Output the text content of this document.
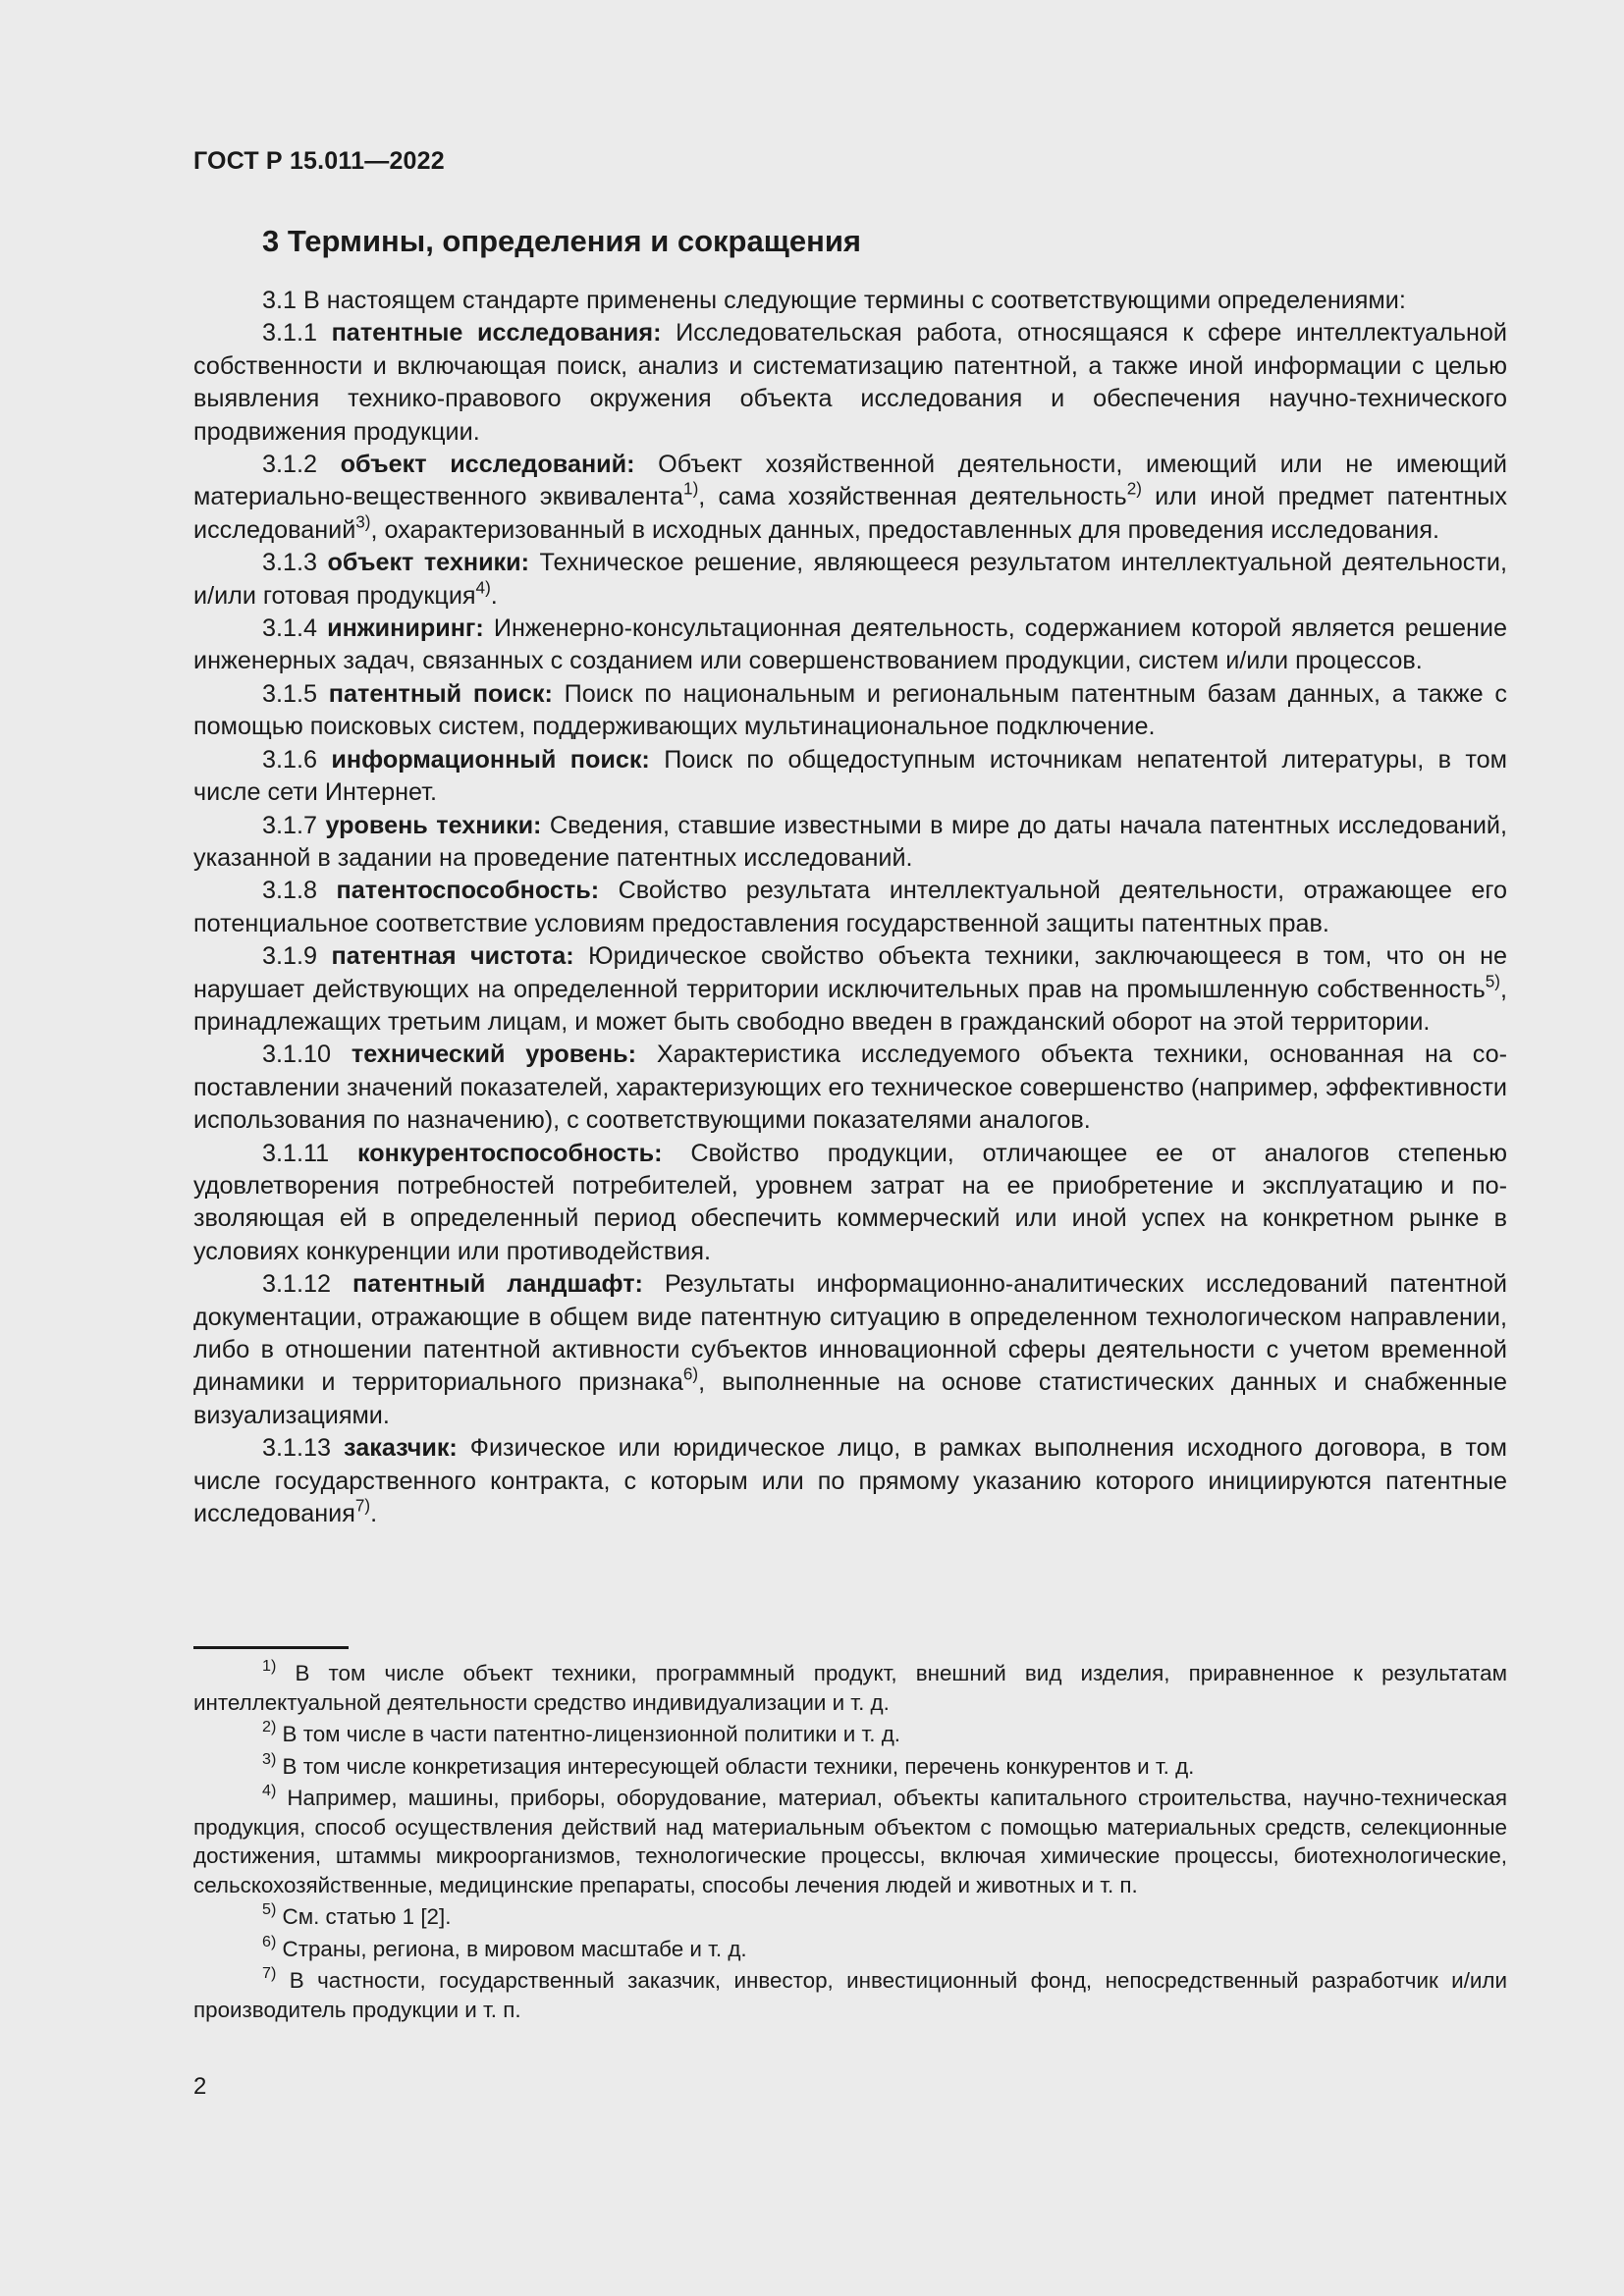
ГОСТ Р 15.011—2022
3 Термины, определения и сокращения

3.1 В настоящем стандарте применены следующие термины с соответствующими определениями:

3.1.1 патентные исследования: Исследовательская работа, относящаяся к сфере интеллектуальной собственности и включающая поиск, анализ и систематизацию патентной, а также иной информации с целью выявления технико-правового окружения объекта исследования и обеспечения научно-технического продвижения продукции.

3.1.2 объект исследований: Объект хозяйственной деятельности, имеющий или не имеющий материально-вещественного эквивалента$^{1)}$, сама хозяйственная деятельность$^{2)}$ или иной предмет патентных исследований$^{3)}$, охарактеризованный в исходных данных, предоставленных для проведения исследования.

3.1.3 объект техники: Техническое решение, являющееся результатом интеллектуальной деятельности, и/или готовая продукция$^{4)}$.

3.1.4 инжиниринг: Инженерно-консультационная деятельность, содержанием которой является решение инженерных задач, связанных с созданием или совершенствованием продукции, систем и/или процессов.

3.1.5 патентный поиск: Поиск по национальным и региональным патентным базам данных, а также с помощью поисковых систем, поддерживающих мультинациональное подключение.

3.1.6 информационный поиск: Поиск по общедоступным источникам непатентой литературы, в том числе сети Интернет.

3.1.7 уровень техники: Сведения, ставшие известными в мире до даты начала патентных исследований, указанной в задании на проведение патентных исследований.

3.1.8 патентоспособность: Свойство результата интеллектуальной деятельности, отражающее его потенциальное соответствие условиям предоставления государственной защиты патентных прав.

3.1.9 патентная чистота: Юридическое свойство объекта техники, заключающееся в том, что он не нарушает действующих на определенной территории исключительных прав на промышленную собственность$^{5)}$, принадлежащих третьим лицам, и может быть свободно введен в гражданский оборот на этой территории.

3.1.10 технический уровень: Характеристика исследуемого объекта техники, основанная на сопоставлении значений показателей, характеризующих его техническое совершенство (например, эффективности использования по назначению), с соответствующими показателями аналогов.

3.1.11 конкурентоспособность: Свойство продукции, отличающее ее от аналогов степенью удовлетворения потребностей потребителей, уровнем затрат на ее приобретение и эксплуатацию и позволяющая ей в определенный период обеспечить коммерческий или иной успех на конкретном рынке в условиях конкуренции или противодействия.

3.1.12 патентный ландшафт: Результаты информационно-аналитических исследований патентной документации, отражающие в общем виде патентную ситуацию в определенном технологическом направлении, либо в отношении патентной активности субъектов инновационной сферы деятельности с учетом временной динамики и территориального признака$^{6)}$, выполненные на основе статистических данных и снабженные визуализациями.

3.1.13 заказчик: Физическое или юридическое лицо, в рамках выполнения исходного договора, в том числе государственного контракта, с которым или по прямому указанию которого инициируются патентные исследования$^{7)}$.

$^{1)}$ В том числе объект техники, программный продукт, внешний вид изделия, приравненное к результатам интеллектуальной деятельности средство индивидуализации и т. д.

$^{2)}$ В том числе в части патентно-лицензионной политики и т. д.

$^{3)}$ В том числе конкретизация интересующей области техники, перечень конкурентов и т. д.

$^{4)}$ Например, машины, приборы, оборудование, материал, объекты капитального строительства, научно-техническая продукция, способ осуществления действий над материальным объектом с помощью материальных средств, селекционные достижения, штаммы микроорганизмов, технологические процессы, включая химические процессы, биотехнологические, сельскохозяйственные, медицинские препараты, способы лечения людей и животных и т. п.

$^{5)}$ См. статью 1 [2].

$^{6)}$ Страны, региона, в мировом масштабе и т. д.

$^{7)}$ В частности, государственный заказчик, инвестор, инвестиционный фонд, непосредственный разработчик и/или производитель продукции и т. п.

2
